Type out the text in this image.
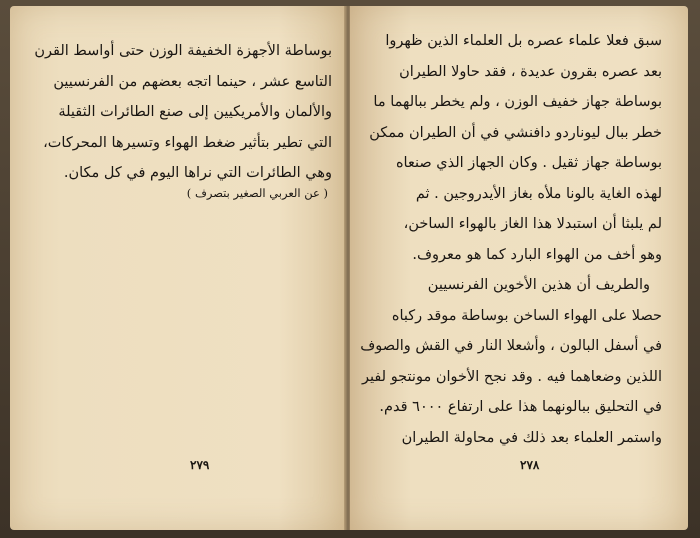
بوساطة الأجهزة الخفيفة الوزن حتى أواسط القرن
التاسع عشر ، حينما اتجه بعضهم من الفرنسيين
والألمان والأمريكيين إلى صنع الطائرات الثقيلة
التي تطير بتأثير ضغط الهواء وتسيرها المحركات،
وهي الطائرات التي نراها اليوم في كل مكان.
( عن العربي الصغير بتصرف )
٢٧٩
سبق فعلا علماء عصره بل العلماء الذين ظهروا
بعد عصره بقرون عديدة ، فقد حاولا الطيران
بوساطة جهاز خفيف الوزن ، ولم يخطر ببالهما ما
خطر ببال ليوناردو دافنشي في أن الطيران ممكن
بوساطة جهاز ثقيل . وكان الجهاز الذي صنعاه
لهذه الغاية بالونا ملأه بغاز الأيدروجين . ثم
لم يلبثا أن استبدلا هذا الغاز بالهواء الساخن،
وهو أخف من الهواء البارد كما هو معروف.
والطريف أن هذين الأخوين الفرنسيين
حصلا على الهواء الساخن بوساطة موقد ركباه
في أسفل البالون ، وأشعلا النار في القش والصوف
اللذين وضعاهما فيه . وقد نجح الأخوان مونتجو لفير
في التحليق ببالونهما هذا على ارتفاع ٦٠٠٠ قدم.
واستمر العلماء بعد ذلك في محاولة الطيران
٢٧٨
